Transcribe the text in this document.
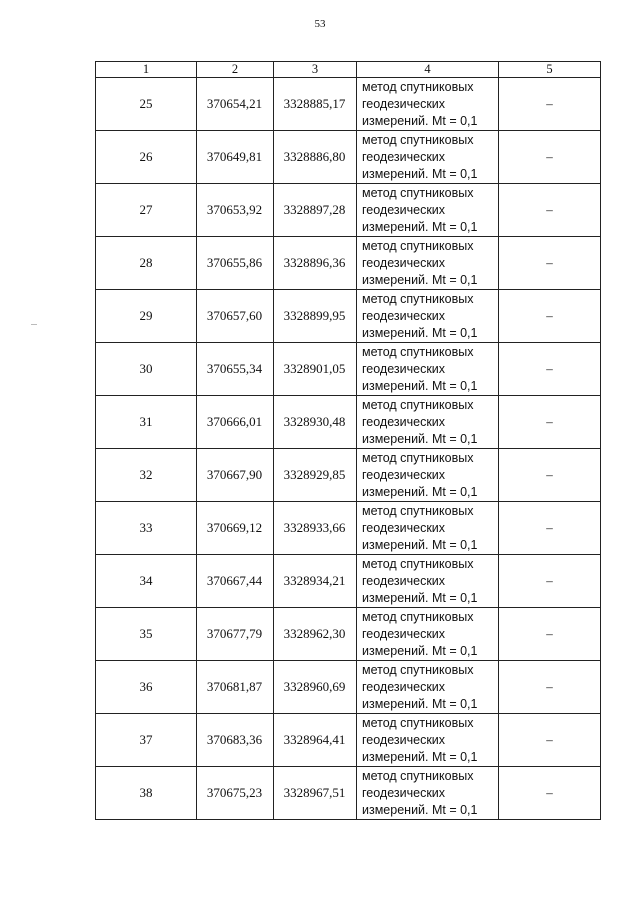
53
1	2	3	4	5
25	370654,21	3328885,17	метод спутниковых
геодезических
измерений. Mt = 0,1	–
26	370649,81	3328886,80	метод спутниковых
геодезических
измерений. Mt = 0,1	–
27	370653,92	3328897,28	метод спутниковых
геодезических
измерений. Mt = 0,1	–
28	370655,86	3328896,36	метод спутниковых
геодезических
измерений. Mt = 0,1	–
29	370657,60	3328899,95	метод спутниковых
геодезических
измерений. Mt = 0,1	–
30	370655,34	3328901,05	метод спутниковых
геодезических
измерений. Mt = 0,1	–
31	370666,01	3328930,48	метод спутниковых
геодезических
измерений. Mt = 0,1	–
32	370667,90	3328929,85	метод спутниковых
геодезических
измерений. Mt = 0,1	–
33	370669,12	3328933,66	метод спутниковых
геодезических
измерений. Mt = 0,1	–
34	370667,44	3328934,21	метод спутниковых
геодезических
измерений. Mt = 0,1	–
35	370677,79	3328962,30	метод спутниковых
геодезических
измерений. Mt = 0,1	–
36	370681,87	3328960,69	метод спутниковых
геодезических
измерений. Mt = 0,1	–
37	370683,36	3328964,41	метод спутниковых
геодезических
измерений. Mt = 0,1	–
38	370675,23	3328967,51	метод спутниковых
геодезических
измерений. Mt = 0,1	–
